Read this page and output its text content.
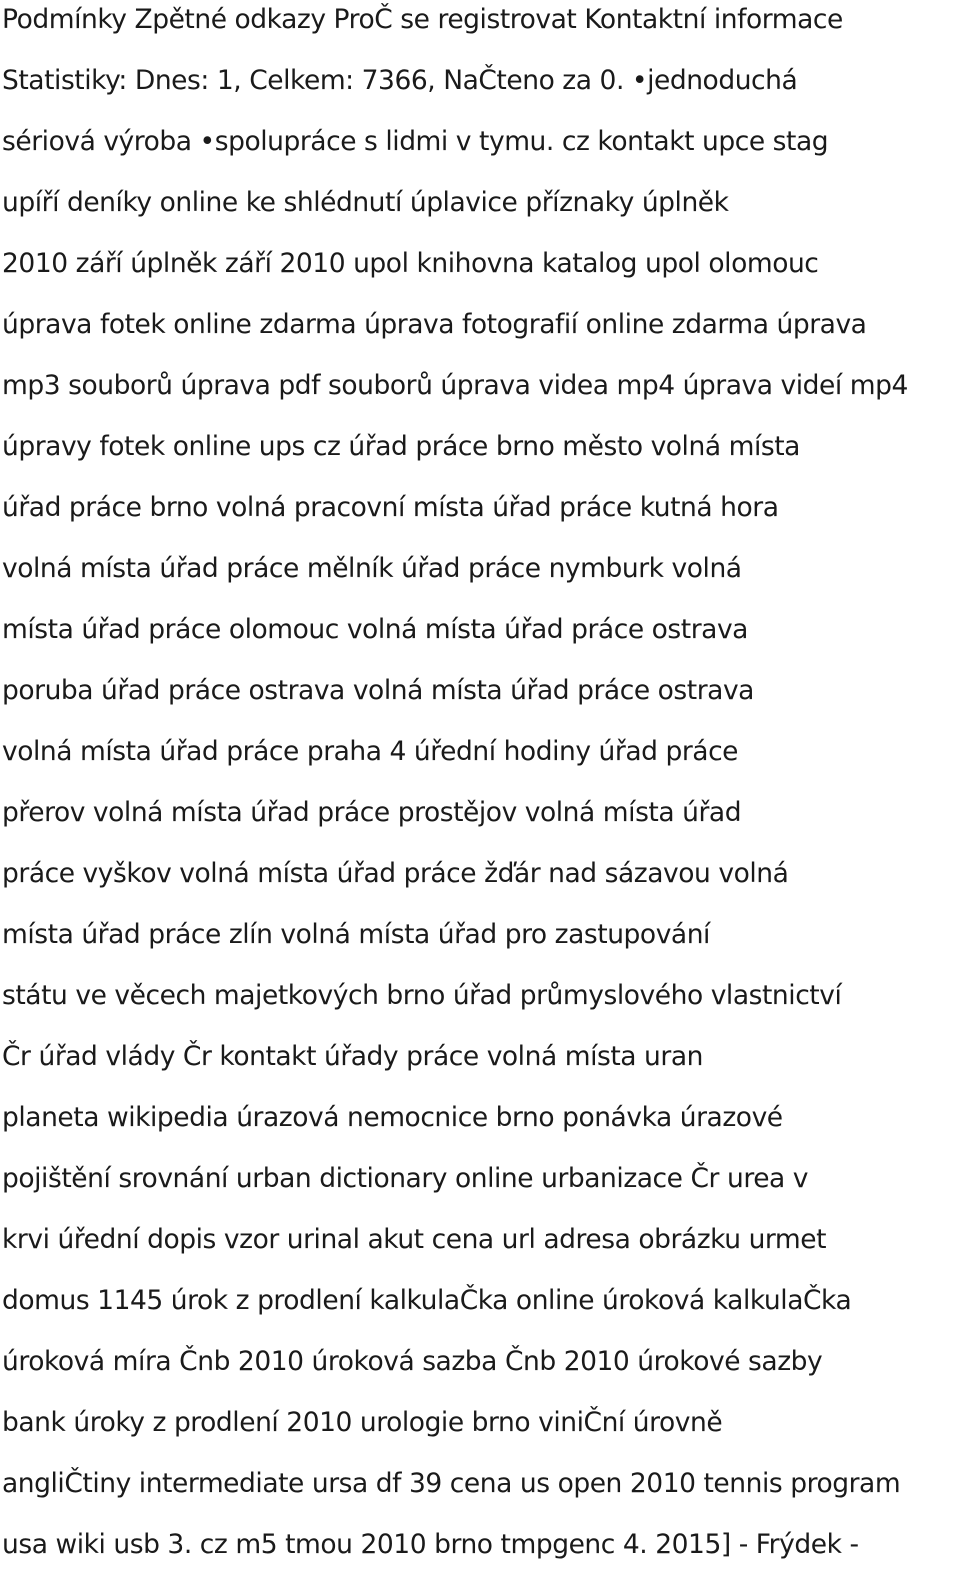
Podmínky Zpětné odkazy ProČ se registrovat Kontaktní informace
Statistiky: Dnes: 1, Celkem: 7366, NaČteno za 0. •jednoduchá
sériová výroba •spolupráce s lidmi v tymu. cz kontakt upce stag
upíří deníky online ke shlédnutí úplavice příznaky úplněk
2010 září úplněk září 2010 upol knihovna katalog upol olomouc
úprava fotek online zdarma úprava fotografií online zdarma úprava
mp3 souborů úprava pdf souborů úprava videa mp4 úprava videí mp4
úpravy fotek online ups cz úřad práce brno město volná místa
úřad práce brno volná pracovní místa úřad práce kutná hora
volná místa úřad práce mělník úřad práce nymburk volná
místa úřad práce olomouc volná místa úřad práce ostrava
poruba úřad práce ostrava volná místa úřad práce ostrava
volná místa úřad práce praha 4 úřední hodiny úřad práce
přerov volná místa úřad práce prostějov volná místa úřad
práce vyškov volná místa úřad práce žďár nad sázavou volná
místa úřad práce zlín volná místa úřad pro zastupování
státu ve věcech majetkových brno úřad průmyslového vlastnictví
Čr úřad vlády Čr kontakt úřady práce volná místa uran
planeta wikipedia úrazová nemocnice brno ponávka úrazové
pojištění srovnání urban dictionary online urbanizace Čr urea v
krvi úřední dopis vzor urinal akut cena url adresa obrázku urmet
domus 1145 úrok z prodlení kalkulaČka online úroková kalkulaČka
úroková míra Čnb 2010 úroková sazba Čnb 2010 úrokové sazby
bank úroky z prodlení 2010 urologie brno viniČní úrovně
angliČtiny intermediate ursa df 39 cena us open 2010 tennis program
usa wiki usb 3. cz m5 tmou 2010 brno tmpgenc 4. 2015] - Frýdek -
